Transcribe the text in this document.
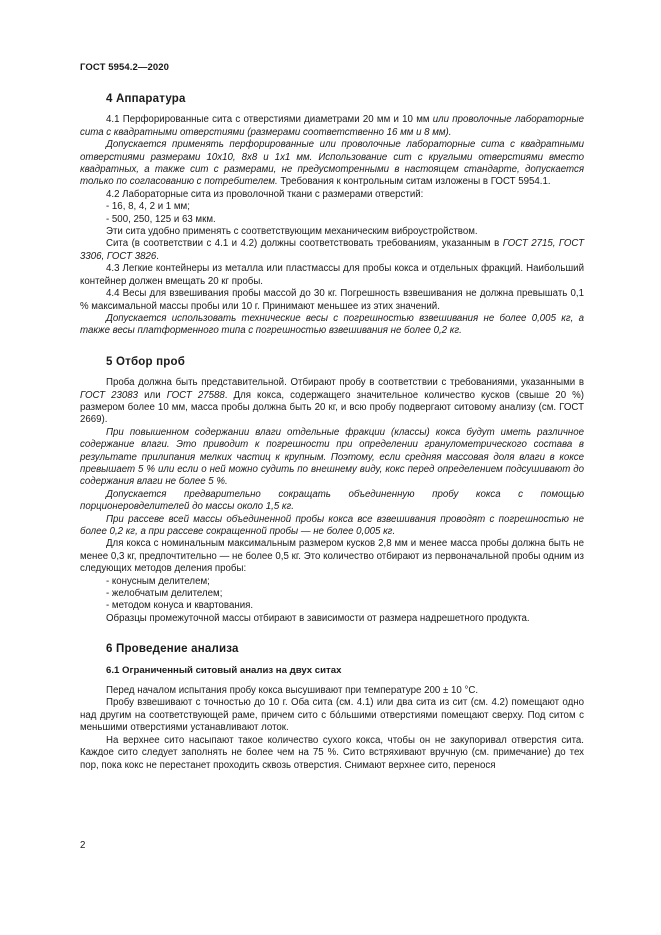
ГОСТ 5954.2—2020
4 Аппаратура

4.1 Перфорированные сита с отверстиями диаметрами 20 мм и 10 мм или проволочные лабораторные сита с квадратными отверстиями (размерами соответственно 16 мм и 8 мм).

Допускается применять перфорированные или проволочные лабораторные сита с квадратными отверстиями размерами 10x10, 8x8 и 1x1 мм. Использование сит с круглыми отверстиями вместо квадратных, а также сит с размерами, не предусмотренными в настоящем стандарте, допускается только по согласованию с потребителем. Требования к контрольным ситам изложены в ГОСТ 5954.1.

4.2 Лабораторные сита из проволочной ткани с размерами отверстий:

- 16, 8, 4, 2 и 1 мм;

- 500, 250, 125 и 63 мкм.

Эти сита удобно применять с соответствующим механическим виброустройством.

Сита (в соответствии с 4.1 и 4.2) должны соответствовать требованиям, указанным в ГОСТ 2715, ГОСТ 3306, ГОСТ 3826.

4.3 Легкие контейнеры из металла или пластмассы для пробы кокса и отдельных фракций. Наибольший контейнер должен вмещать 20 кг пробы.

4.4 Весы для взвешивания пробы массой до 30 кг. Погрешность взвешивания не должна превышать 0,1 % максимальной массы пробы или 10 г. Принимают меньшее из этих значений.

Допускается использовать технические весы с погрешностью взвешивания не более 0,005 кг, а также весы платформенного типа с погрешностью взвешивания не более 0,2 кг.

5 Отбор проб

Проба должна быть представительной. Отбирают пробу в соответствии с требованиями, указанными в ГОСТ 23083 или ГОСТ 27588. Для кокса, содержащего значительное количество кусков (свыше 20 %) размером более 10 мм, масса пробы должна быть 20 кг, и всю пробу подвергают ситовому анализу (см. ГОСТ 2669).

При повышенном содержании влаги отдельные фракции (классы) кокса будут иметь различное содержание влаги. Это приводит к погрешности при определении гранулометрического состава в результате прилипания мелких частиц к крупным. Поэтому, если средняя массовая доля влаги в коксе превышает 5 % или если о ней можно судить по внешнему виду, кокс перед определением подсушивают до содержания влаги не более 5 %.

Допускается предварительно сокращать объединенную пробу кокса с помощью порционеровделителей до массы около 1,5 кг.

При рассеве всей массы объединенной пробы кокса все взвешивания проводят с погрешностью не более 0,2 кг, а при рассеве сокращенной пробы — не более 0,005 кг.

Для кокса с номинальным максимальным размером кусков 2,8 мм и менее масса пробы должна быть не менее 0,3 кг, предпочтительно — не более 0,5 кг. Это количество отбирают из первоначальной пробы одним из следующих методов деления пробы:

- конусным делителем;

- желобчатым делителем;

- методом конуса и квартования.

Образцы промежуточной массы отбирают в зависимости от размера надрешетного продукта.

6 Проведение анализа
6.1 Ограниченный ситовый анализ на двух ситах

Перед началом испытания пробу кокса высушивают при температуре 200 ± 10 °С.

Пробу взвешивают с точностью до 10 г. Оба сита (см. 4.1) или два сита из сит (см. 4.2) помещают одно над другим на соответствующей раме, причем сито с бо́льшими отверстиями помещают сверху. Под ситом с меньшими отверстиями устанавливают лоток.

На верхнее сито насыпают такое количество сухого кокса, чтобы он не закупоривал отверстия сита. Каждое сито следует заполнять не более чем на 75 %. Сито встряхивают вручную (см. примечание) до тех пор, пока кокс не перестанет проходить сквозь отверстия. Снимают верхнее сито, перенося

2
